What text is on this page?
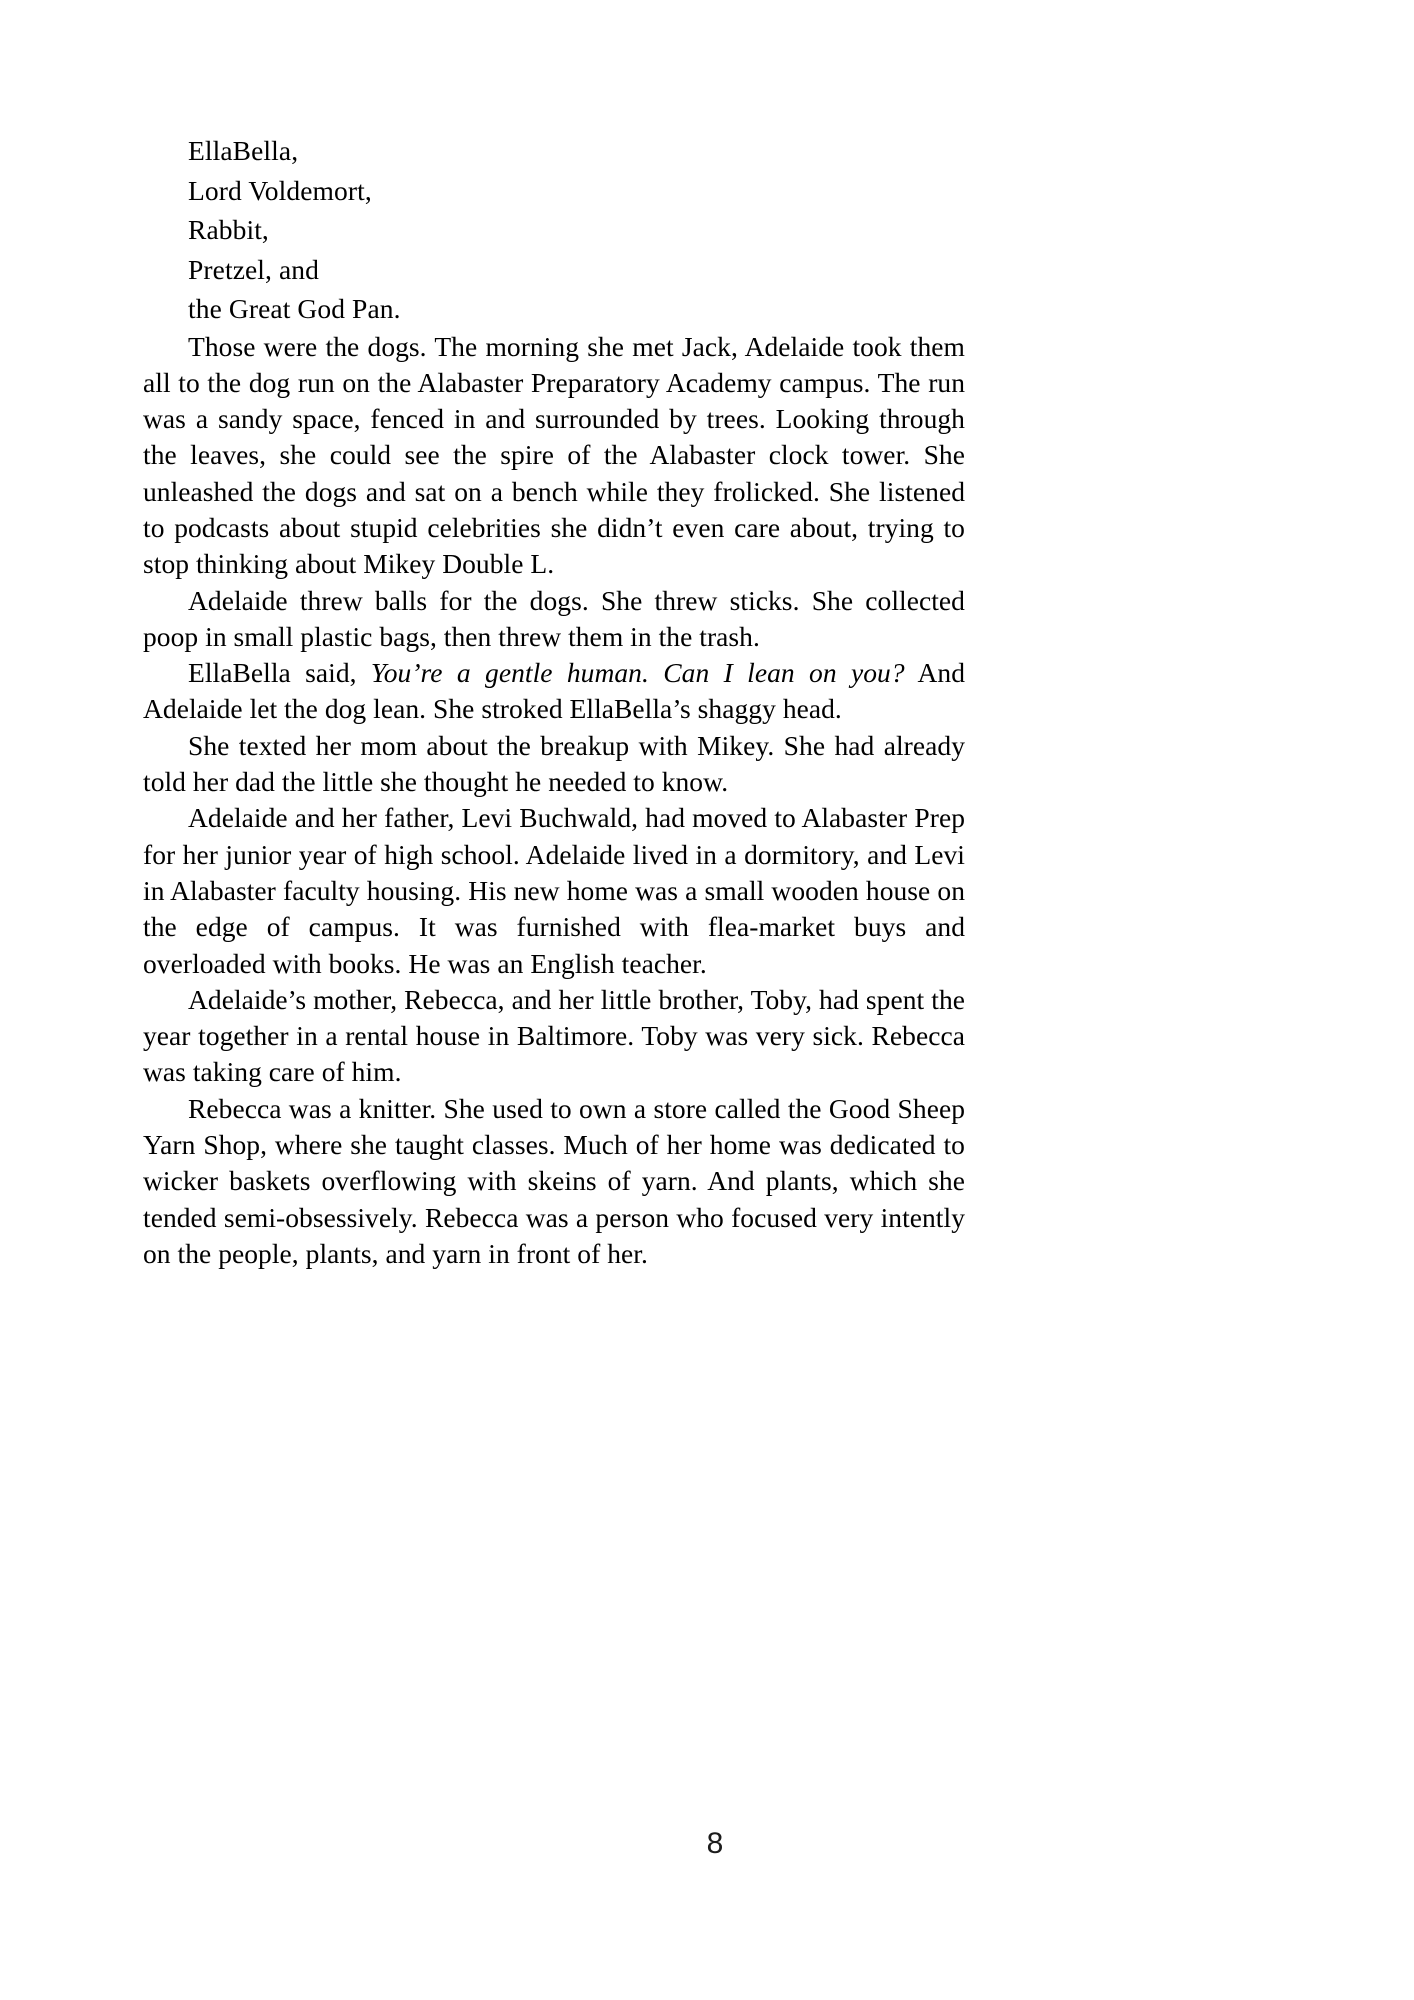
EllaBella,
Lord Voldemort,
Rabbit,
Pretzel, and
the Great God Pan.

Those were the dogs. The morning she met Jack, Adelaide took them all to the dog run on the Alabaster Preparatory Academy campus. The run was a sandy space, fenced in and surrounded by trees. Looking through the leaves, she could see the spire of the Alabaster clock tower. She unleashed the dogs and sat on a bench while they frolicked. She listened to podcasts about stupid celebrities she didn’t even care about, trying to stop thinking about Mikey Double L.

Adelaide threw balls for the dogs. She threw sticks. She collected poop in small plastic bags, then threw them in the trash.

EllaBella said, You’re a gentle human. Can I lean on you? And Adelaide let the dog lean. She stroked EllaBella’s shaggy head.

She texted her mom about the breakup with Mikey. She had already told her dad the little she thought he needed to know.

Adelaide and her father, Levi Buchwald, had moved to Alabaster Prep for her junior year of high school. Adelaide lived in a dormitory, and Levi in Alabaster faculty housing. His new home was a small wooden house on the edge of campus. It was furnished with flea-market buys and overloaded with books. He was an English teacher.

Adelaide’s mother, Rebecca, and her little brother, Toby, had spent the year together in a rental house in Baltimore. Toby was very sick. Rebecca was taking care of him.

Rebecca was a knitter. She used to own a store called the Good Sheep Yarn Shop, where she taught classes. Much of her home was dedicated to wicker baskets overflowing with skeins of yarn. And plants, which she tended semi-obsessively. Rebecca was a person who focused very intently on the people, plants, and yarn in front of her.

8
